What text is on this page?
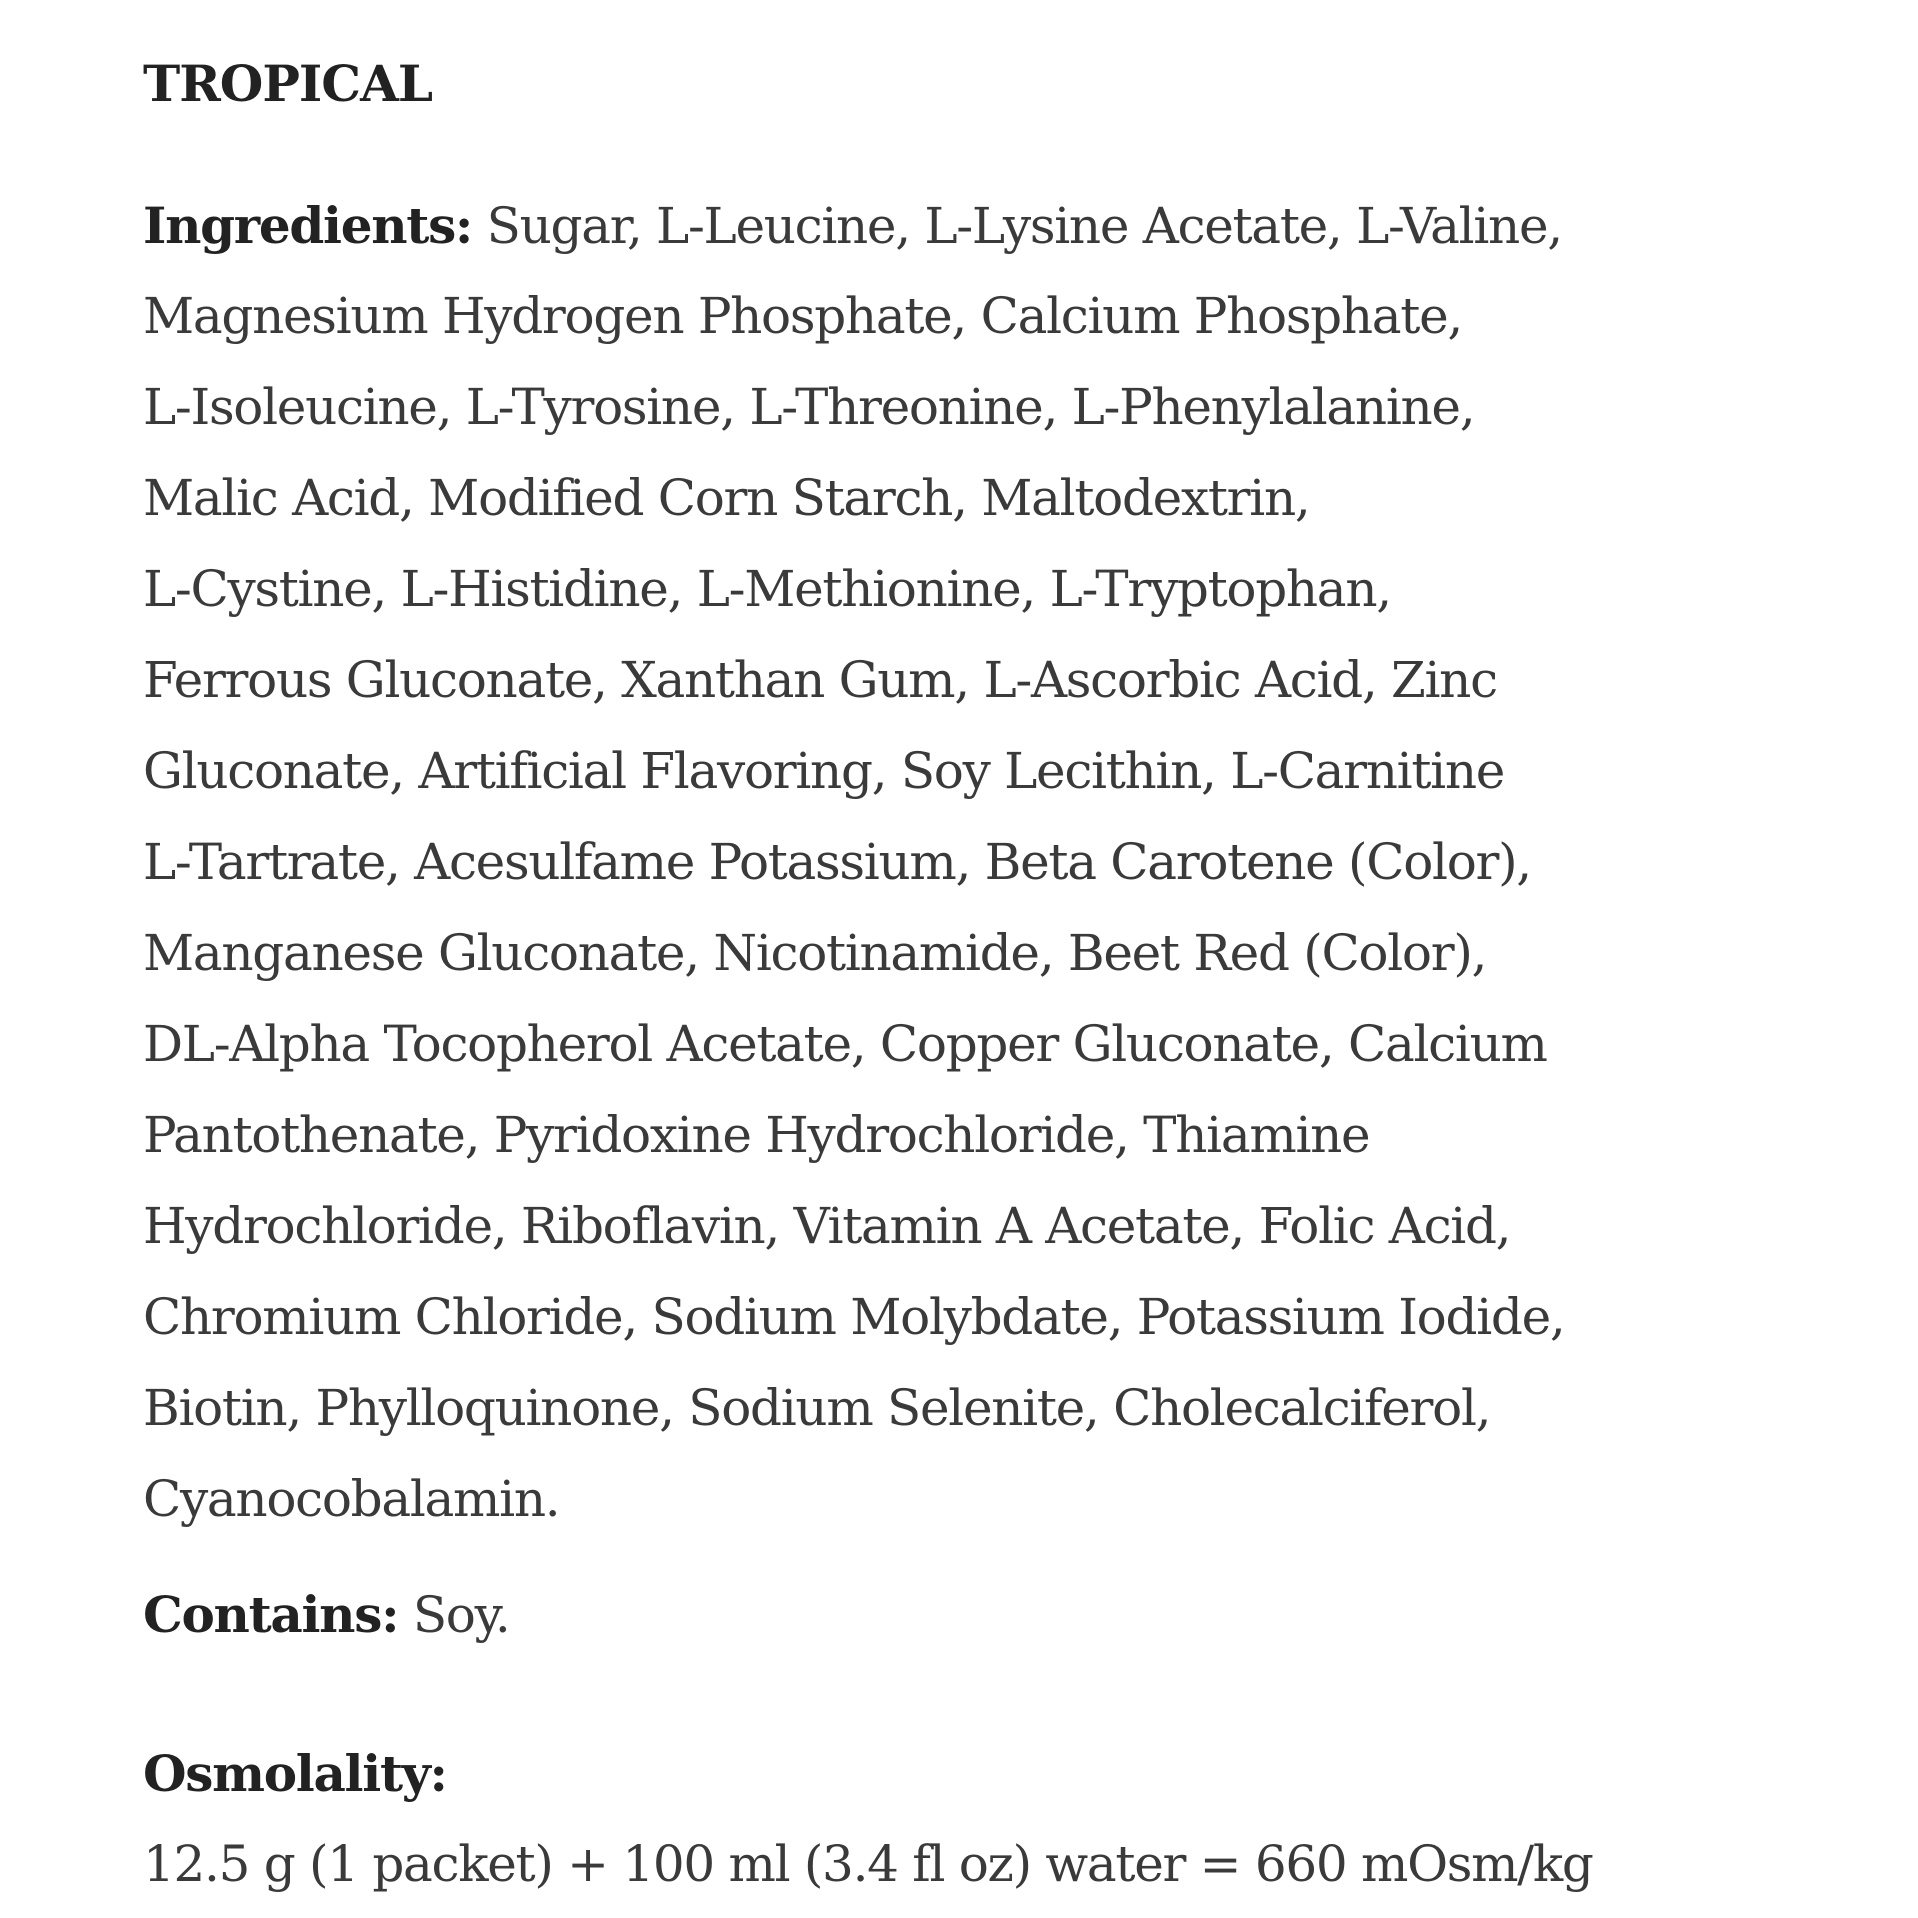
TROPICAL
Ingredients: Sugar, L-Leucine, L-Lysine Acetate, L-Valine,
Magnesium Hydrogen Phosphate, Calcium Phosphate,
L-Isoleucine, L-Tyrosine, L-Threonine, L-Phenylalanine,
Malic Acid, Modified Corn Starch, Maltodextrin,
L-Cystine, L-Histidine, L-Methionine, L-Tryptophan,
Ferrous Gluconate, Xanthan Gum, L-Ascorbic Acid, Zinc
Gluconate, Artificial Flavoring, Soy Lecithin, L-Carnitine
L-Tartrate, Acesulfame Potassium, Beta Carotene (Color),
Manganese Gluconate, Nicotinamide, Beet Red (Color),
DL-Alpha Tocopherol Acetate, Copper Gluconate, Calcium
Pantothenate, Pyridoxine Hydrochloride, Thiamine
Hydrochloride, Riboflavin, Vitamin A Acetate, Folic Acid,
Chromium Chloride, Sodium Molybdate, Potassium Iodide,
Biotin, Phylloquinone, Sodium Selenite, Cholecalciferol,
Cyanocobalamin.

Contains: Soy.

Osmolality:

12.5 g (1 packet) + 100 ml (3.4 fl oz) water = 660 mOsm/kg
